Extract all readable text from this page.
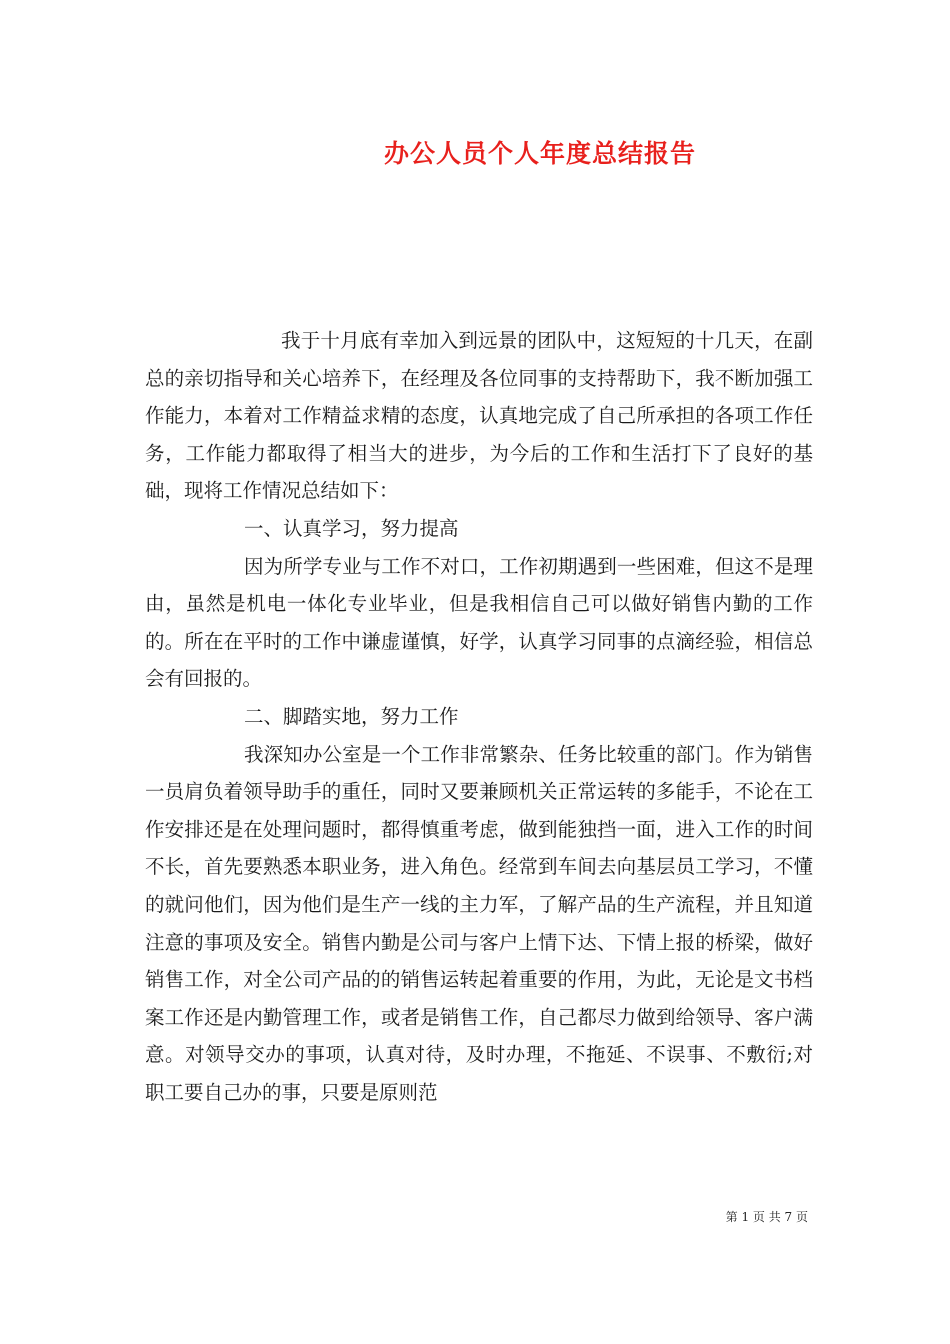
办公人员个人年度总结报告

我于十月底有幸加入到远景的团队中，这短短的十几天，在副总的亲切指导和关心培养下，在经理及各位同事的支持帮助下，我不断加强工作能力，本着对工作精益求精的态度，认真地完成了自己所承担的各项工作任务，工作能力都取得了相当大的进步，为今后的工作和生活打下了良好的基础，现将工作情况总结如下：

一、认真学习，努力提高

因为所学专业与工作不对口，工作初期遇到一些困难，但这不是理由，虽然是机电一体化专业毕业，但是我相信自己可以做好销售内勤的工作的。所在在平时的工作中谦虚谨慎，好学，认真学习同事的点滴经验，相信总会有回报的。

二、脚踏实地，努力工作

我深知办公室是一个工作非常繁杂、任务比较重的部门。作为销售一员肩负着领导助手的重任，同时又要兼顾机关正常运转的多能手，不论在工作安排还是在处理问题时，都得慎重考虑，做到能独挡一面，进入工作的时间不长，首先要熟悉本职业务，进入角色。经常到车间去向基层员工学习，不懂的就问他们，因为他们是生产一线的主力军，了解产品的生产流程，并且知道注意的事项及安全。销售内勤是公司与客户上情下达、下情上报的桥梁，做好销售工作，对全公司产品的的销售运转起着重要的作用，为此，无论是文书档案工作还是内勤管理工作，或者是销售工作，自己都尽力做到给领导、客户满意。对领导交办的事项，认真对待，及时办理，不拖延、不误事、不敷衍;对职工要自己办的事，只要是原则范

第 1 页 共 7 页
